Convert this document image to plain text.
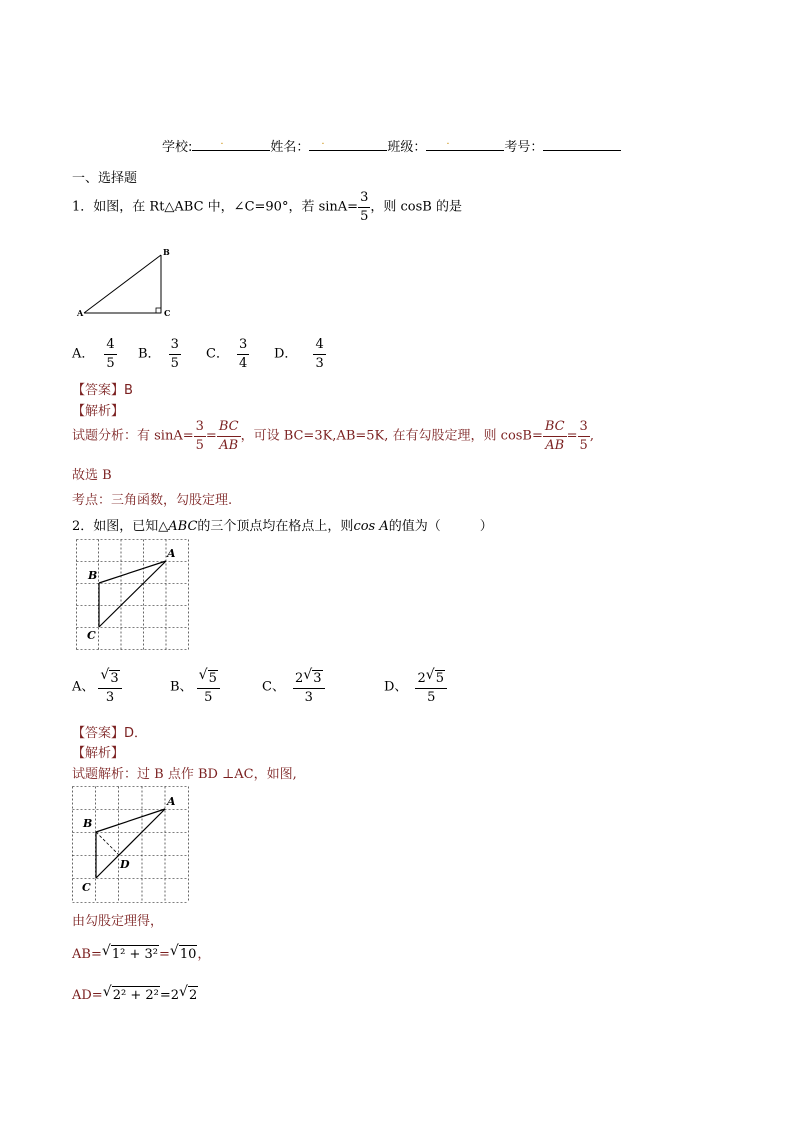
学校:	.	姓名： .	班级： .	考号：
一、选择题
1．如图，在 Rt△ABC 中，∠C=90°，若 $\sin A= \frac{3}{5}$ ，则 cosB 的是
A
B
C
A． $\frac{4}{5}$ B． $\frac{3}{5}$ C． $\frac{3}{4}$ D． $\frac{4}{3}$
【答案】B
【解析】
试题分析：有 $\sin A= \frac{3}{5} = \frac{BC}{AB}$ ，可设 BC=3K,AB=5K, 在有勾股定理，则 $\cos B= \frac{BC}{AB} = \frac{3}{5}$ ,
故选 B
考点：三角函数，勾股定理.
2．如图，已知△ABC的三个顶点均在格点上，则cos A的值为（　　　）
A
B
C
A、 $\frac{√ 3}{3}$	B、 $\frac{√ 5}{5}$	C、 $\frac{2 √ 3}{3}$	D、 $\frac{2 √ 5}{5}$
【答案】D．
【解析】
试题解析：过 B 点作 BD ⊥AC，如图,
A
B
C
D
由勾股定理得，
AB= √ 1² + 3²= √ 10，
AD= √ 2² + 2²=2 √ 2
